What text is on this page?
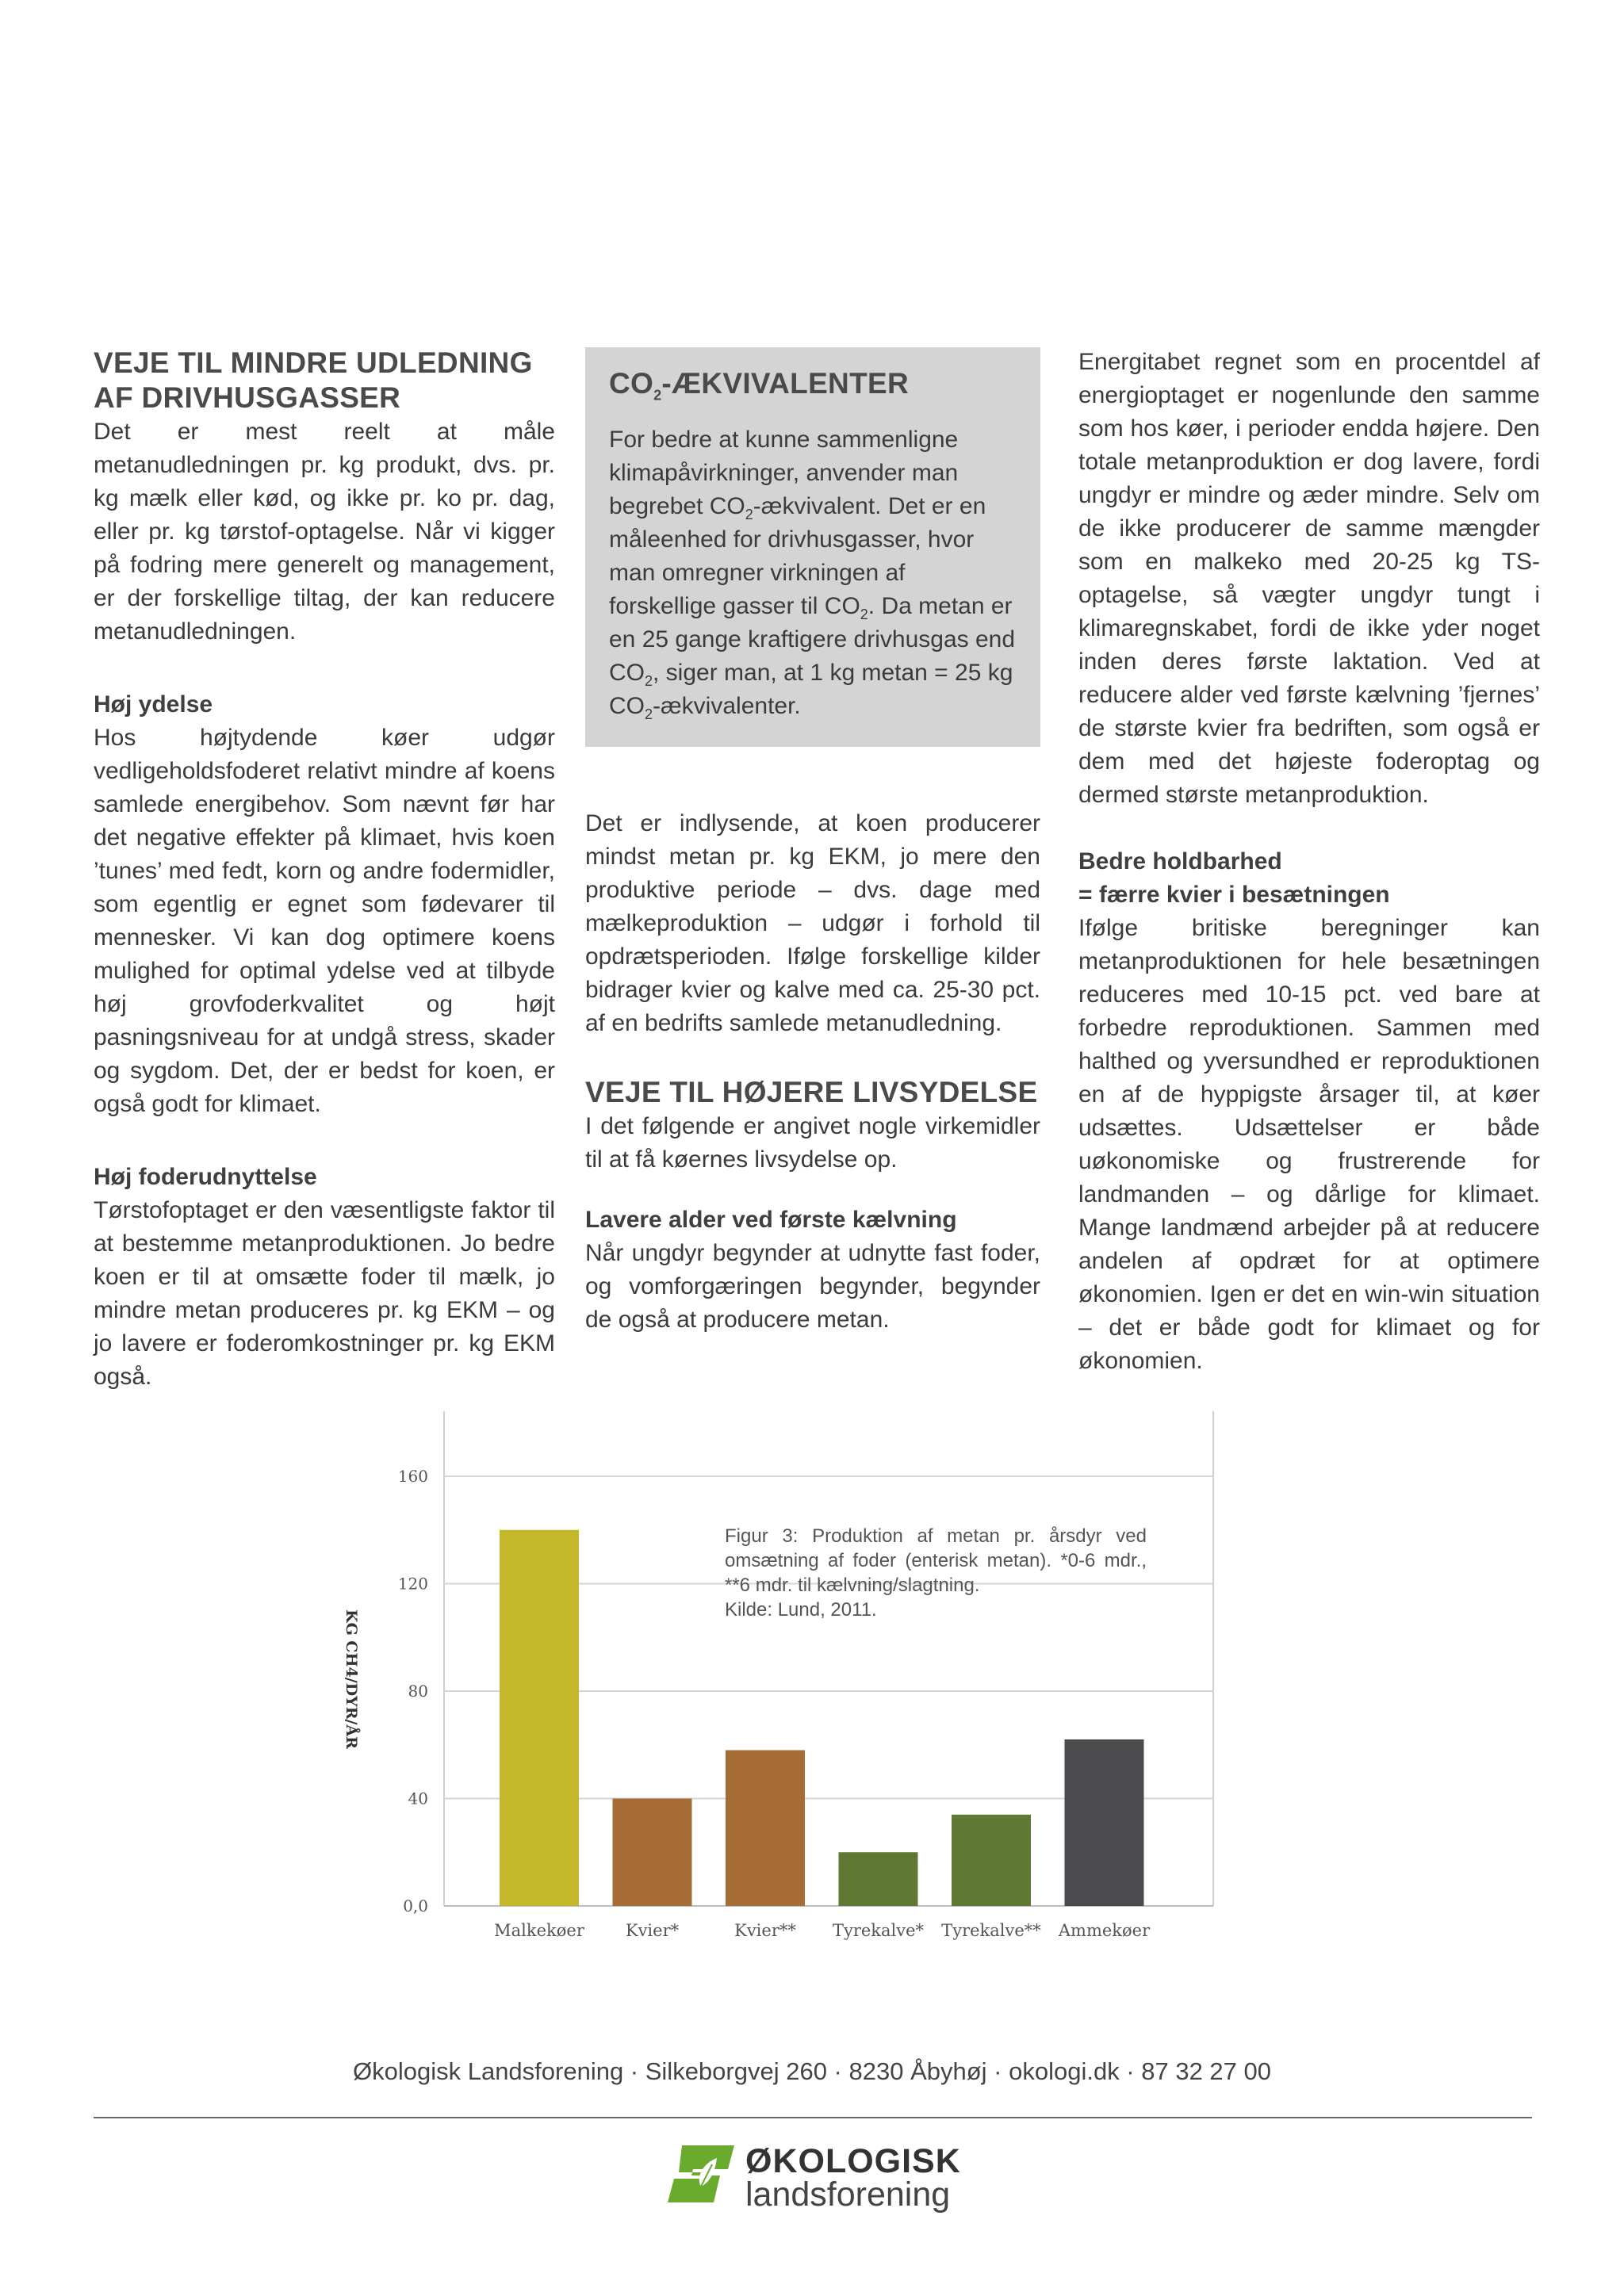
VEJE TIL MINDRE UDLEDNING
AF DRIVHUSGASSER

Det er mest reelt at måle metanudledningen pr. kg produkt, dvs. pr. kg mælk eller kød, og ikke pr. ko pr. dag, eller pr. kg tørstof-optagelse. Når vi kigger på fodring mere generelt og management, er der forskellige tiltag, der kan reducere metanudledningen.

Høj ydelse

Hos højtydende køer udgør vedligeholdsfoderet relativt mindre af koens samlede energibehov. Som nævnt før har det negative effekter på klimaet, hvis koen ’tunes’ med fedt, korn og andre fodermidler, som egentlig er egnet som fødevarer til mennesker. Vi kan dog optimere koens mulighed for optimal ydelse ved at tilbyde høj grovfoderkvalitet og højt pasningsniveau for at undgå stress, skader og sygdom. Det, der er bedst for koen, er også godt for klimaet.

Høj foderudnyttelse

Tørstofoptaget er den væsentligste faktor til at bestemme metanproduktionen. Jo bedre koen er til at omsætte foder til mælk, jo mindre metan produceres pr. kg EKM – og jo lavere er foderomkostninger pr. kg EKM også.

$CO_2$-ÆKVIVALENTER

For bedre at kunne sammenligne klimapåvirkninger, anvender man begrebet $CO_2$-ækvivalent. Det er en måleenhed for drivhusgasser, hvor man omregner virkningen af forskellige gasser til $CO_2$. Da metan er en 25 gange kraftigere drivhusgas end $CO_2$, siger man, at 1 kg metan = 25 kg $CO_2$-ækvivalenter.

Det er indlysende, at koen producerer mindst metan pr. kg EKM, jo mere den produktive periode – dvs. dage med mælkeproduktion – udgør i forhold til opdrætsperioden. Ifølge forskellige kilder bidrager kvier og kalve med ca. 25-30 pct. af en bedrifts samlede metanudledning.

VEJE TIL HØJERE LIVSYDELSE

I det følgende er angivet nogle virkemidler til at få køernes livsydelse op.

Lavere alder ved første kælvning

Når ungdyr begynder at udnytte fast foder, og vomforgæringen begynder, begynder de også at producere metan.

Energitabet regnet som en procentdel af energioptaget er nogenlunde den samme som hos køer, i perioder endda højere. Den totale metanproduktion er dog lavere, fordi ungdyr er mindre og æder mindre. Selv om de ikke producerer de samme mængder som en malkeko med 20-25 kg TS-optagelse, så vægter ungdyr tungt i klimaregnskabet, fordi de ikke yder noget inden deres første laktation. Ved at reducere alder ved første kælvning ’fjernes’ de største kvier fra bedriften, som også er dem med det højeste foderoptag og dermed største metanproduktion.

Bedre holdbarhed
= færre kvier i besætningen

Ifølge britiske beregninger kan metanproduktionen for hele besætningen reduceres med 10-15 pct. ved bare at forbedre reproduktionen. Sammen med halthed og yversundhed er reproduktionen en af de hyppigste årsager til, at køer udsættes. Udsættelser er både uøkonomiske og frustrerende for landmanden – og dårlige for klimaet. Mange landmænd arbejder på at reducere andelen af opdræt for at optimere økonomien. Igen er det en win-win situation – det er både godt for klimaet og for økonomien.

0,0
40
80
120
160
Malkekøer Kvier*	Kvier** Tyrekalve* Tyrekalve** Ammekøer
KG CH4/DYR/ÅR

Figur 3: Produktion af metan pr. årsdyr ved omsætning af foder (enterisk metan). *0-6 mdr., **6 mdr. til kælvning/slagtning.

Kilde: Lund, 2011.

Økologisk Landsforening · Silkeborgvej 260 · 8230 Åbyhøj · okologi.dk · 87 32 27 00
ØKOLOGISK
landsforening
